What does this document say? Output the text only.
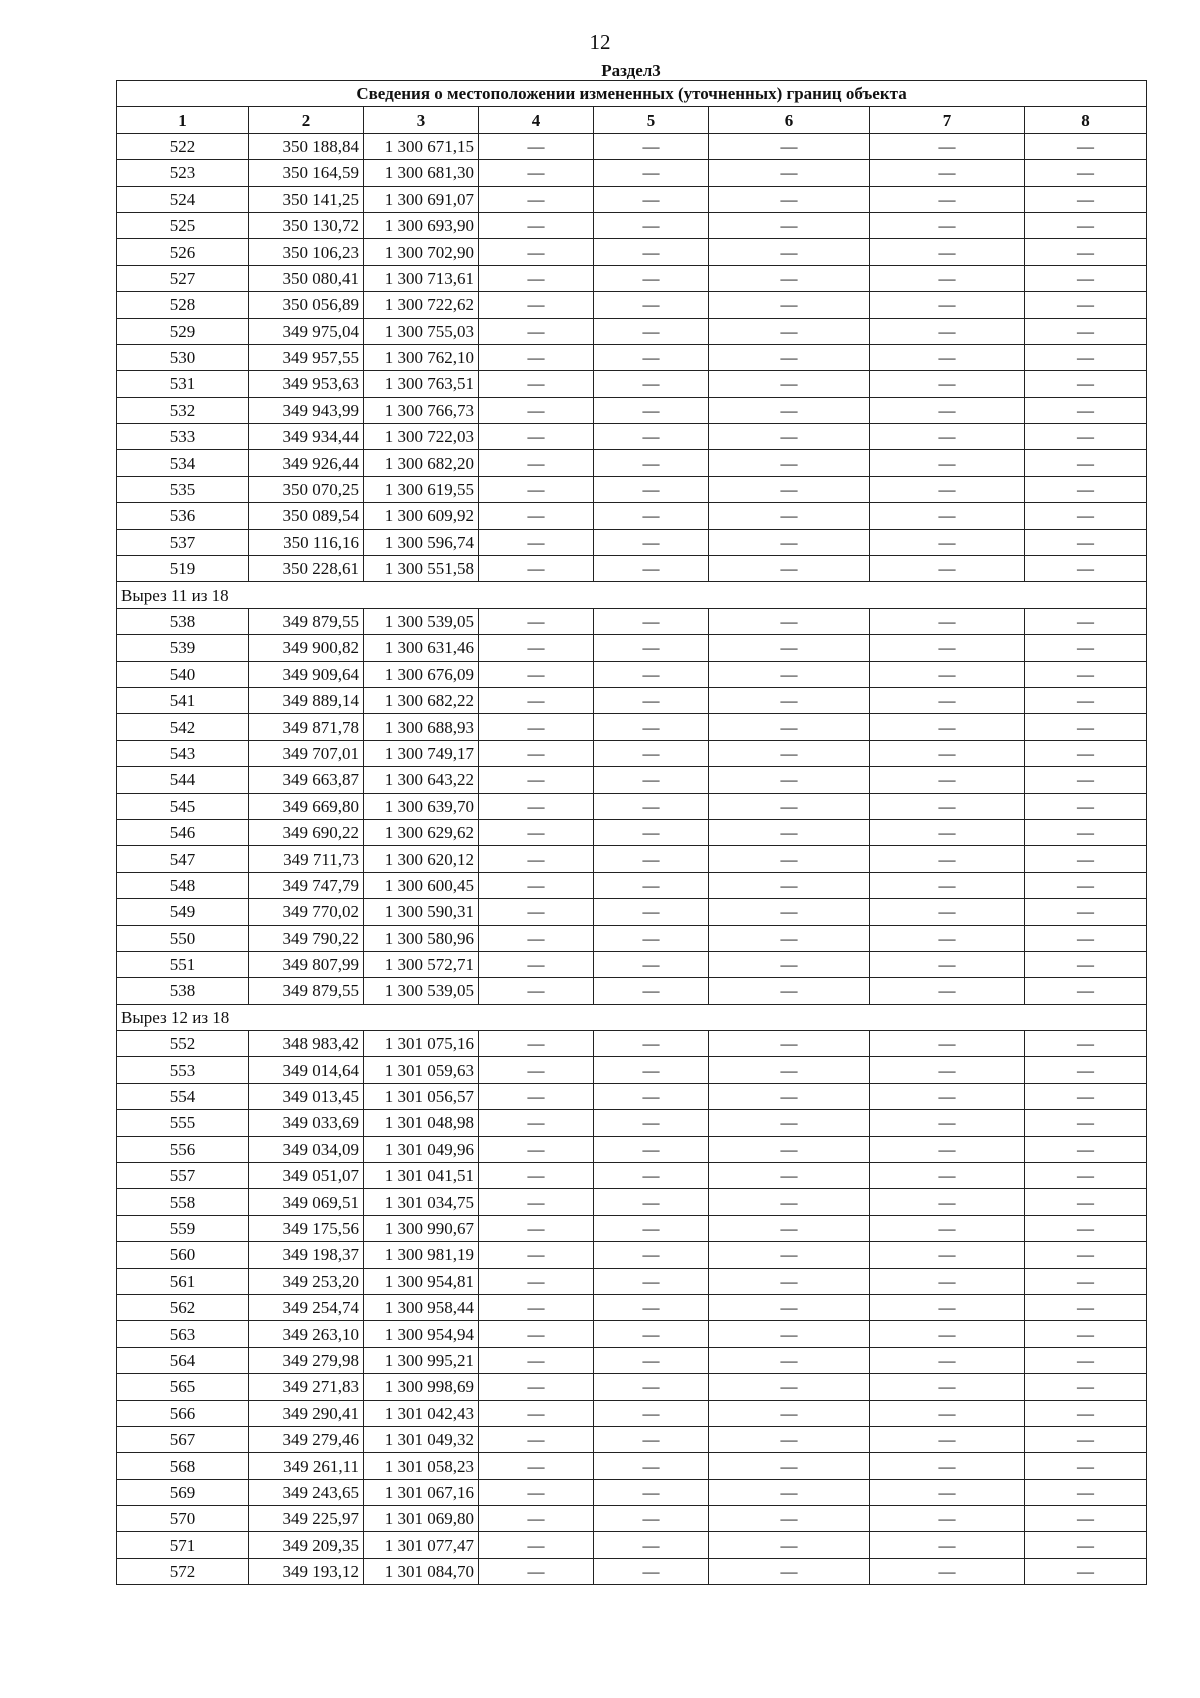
12
Раздел3
Сведения о местоположении измененных (уточненных) границ объекта							
1	2	3	4	5	6	7	8
522	350 188,84	1 300 671,15	—	—	—	—	—
523	350 164,59	1 300 681,30	—	—	—	—	—
524	350 141,25	1 300 691,07	—	—	—	—	—
525	350 130,72	1 300 693,90	—	—	—	—	—
526	350 106,23	1 300 702,90	—	—	—	—	—
527	350 080,41	1 300 713,61	—	—	—	—	—
528	350 056,89	1 300 722,62	—	—	—	—	—
529	349 975,04	1 300 755,03	—	—	—	—	—
530	349 957,55	1 300 762,10	—	—	—	—	—
531	349 953,63	1 300 763,51	—	—	—	—	—
532	349 943,99	1 300 766,73	—	—	—	—	—
533	349 934,44	1 300 722,03	—	—	—	—	—
534	349 926,44	1 300 682,20	—	—	—	—	—
535	350 070,25	1 300 619,55	—	—	—	—	—
536	350 089,54	1 300 609,92	—	—	—	—	—
537	350 116,16	1 300 596,74	—	—	—	—	—
519	350 228,61	1 300 551,58	—	—	—	—	—
Вырез 11 из 18							
538	349 879,55	1 300 539,05	—	—	—	—	—
539	349 900,82	1 300 631,46	—	—	—	—	—
540	349 909,64	1 300 676,09	—	—	—	—	—
541	349 889,14	1 300 682,22	—	—	—	—	—
542	349 871,78	1 300 688,93	—	—	—	—	—
543	349 707,01	1 300 749,17	—	—	—	—	—
544	349 663,87	1 300 643,22	—	—	—	—	—
545	349 669,80	1 300 639,70	—	—	—	—	—
546	349 690,22	1 300 629,62	—	—	—	—	—
547	349 711,73	1 300 620,12	—	—	—	—	—
548	349 747,79	1 300 600,45	—	—	—	—	—
549	349 770,02	1 300 590,31	—	—	—	—	—
550	349 790,22	1 300 580,96	—	—	—	—	—
551	349 807,99	1 300 572,71	—	—	—	—	—
538	349 879,55	1 300 539,05	—	—	—	—	—
Вырез 12 из 18							
552	348 983,42	1 301 075,16	—	—	—	—	—
553	349 014,64	1 301 059,63	—	—	—	—	—
554	349 013,45	1 301 056,57	—	—	—	—	—
555	349 033,69	1 301 048,98	—	—	—	—	—
556	349 034,09	1 301 049,96	—	—	—	—	—
557	349 051,07	1 301 041,51	—	—	—	—	—
558	349 069,51	1 301 034,75	—	—	—	—	—
559	349 175,56	1 300 990,67	—	—	—	—	—
560	349 198,37	1 300 981,19	—	—	—	—	—
561	349 253,20	1 300 954,81	—	—	—	—	—
562	349 254,74	1 300 958,44	—	—	—	—	—
563	349 263,10	1 300 954,94	—	—	—	—	—
564	349 279,98	1 300 995,21	—	—	—	—	—
565	349 271,83	1 300 998,69	—	—	—	—	—
566	349 290,41	1 301 042,43	—	—	—	—	—
567	349 279,46	1 301 049,32	—	—	—	—	—
568	349 261,11	1 301 058,23	—	—	—	—	—
569	349 243,65	1 301 067,16	—	—	—	—	—
570	349 225,97	1 301 069,80	—	—	—	—	—
571	349 209,35	1 301 077,47	—	—	—	—	—
572	349 193,12	1 301 084,70	—	—	—	—	—
